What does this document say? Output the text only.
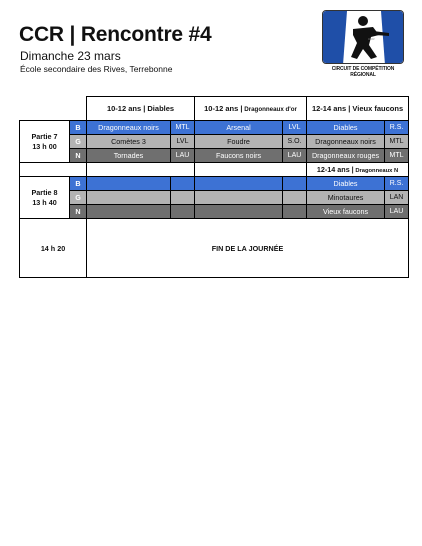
CCR | Rencontre #4
Dimanche 23 mars
École secondaire des Rives, Terrebonne
CCR
CIRCUIT DE COMPÉTITION RÉGIONAL
		10-12 ans | Diables		10-12 ans | Dragonneaux d'or		12-14 ans | Vieux faucons	
Partie 7
13 h 00	B	Dragonneaux noirs	MTL	Arsenal	LVL	Diables	R.S.
	G	Comètes 3	LVL	Foudre	S.O.	Dragonneaux noirs	MTL
	N	Tornades	LAU	Faucons noirs	LAU	Dragonneaux rouges	MTL
						12-14 ans | Dragonneaux N	
Partie 8
13 h 40	B					Diables	R.S.
	G					Minotaures	LAN
	N					Vieux faucons	LAU
14 h 20		FIN DE LA JOURNÉE					
